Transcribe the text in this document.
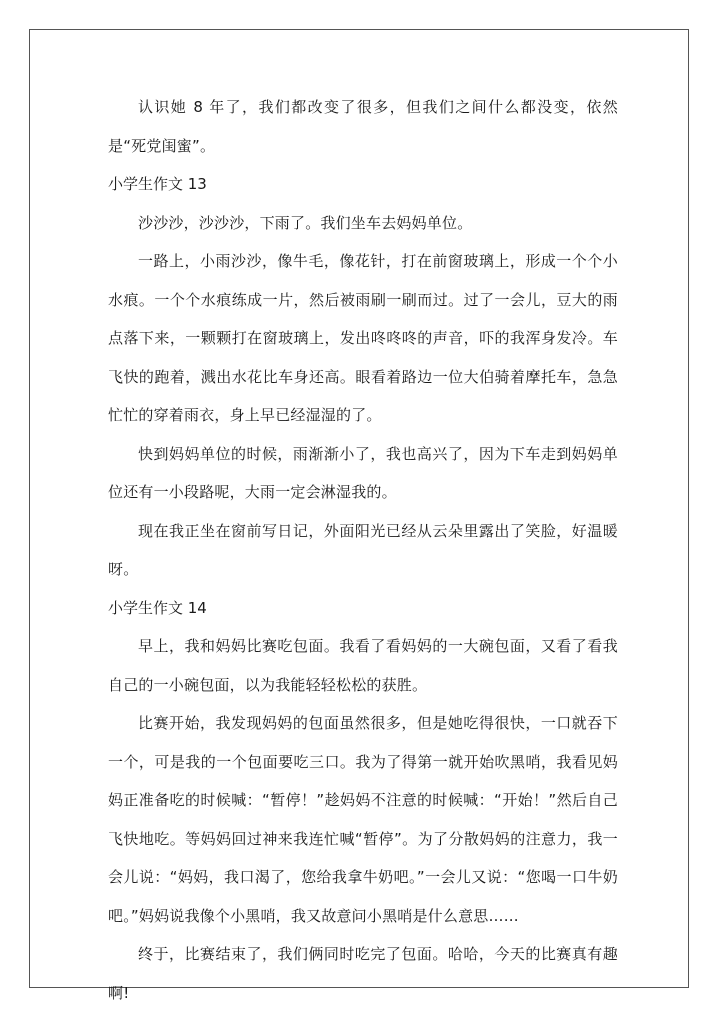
认识她 8 年了，我们都改变了很多，但我们之间什么都没变，依然是“死党闺蜜”。

小学生作文 13

沙沙沙，沙沙沙，下雨了。我们坐车去妈妈单位。

一路上，小雨沙沙，像牛毛，像花针，打在前窗玻璃上，形成一个个小水痕。一个个水痕练成一片，然后被雨刷一刷而过。过了一会儿，豆大的雨点落下来，一颗颗打在窗玻璃上，发出咚咚咚的声音，吓的我浑身发冷。车飞快的跑着，溅出水花比车身还高。眼看着路边一位大伯骑着摩托车，急急忙忙的穿着雨衣，身上早已经湿湿的了。

快到妈妈单位的时候，雨渐渐小了，我也高兴了，因为下车走到妈妈单位还有一小段路呢，大雨一定会淋湿我的。

现在我正坐在窗前写日记，外面阳光已经从云朵里露出了笑脸，好温暖呀。

小学生作文 14

早上，我和妈妈比赛吃包面。我看了看妈妈的一大碗包面，又看了看我自己的一小碗包面，以为我能轻轻松松的获胜。

比赛开始，我发现妈妈的包面虽然很多，但是她吃得很快，一口就吞下一个，可是我的一个包面要吃三口。我为了得第一就开始吹黑哨，我看见妈妈正准备吃的时候喊：“暂停！”趁妈妈不注意的时候喊：“开始！”然后自己飞快地吃。等妈妈回过神来我连忙喊“暂停”。为了分散妈妈的注意力，我一会儿说：“妈妈，我口渴了，您给我拿牛奶吧。”一会儿又说：“您喝一口牛奶吧。”妈妈说我像个小黑哨，我又故意问小黑哨是什么意思……

终于，比赛结束了，我们俩同时吃完了包面。哈哈，今天的比赛真有趣啊!
